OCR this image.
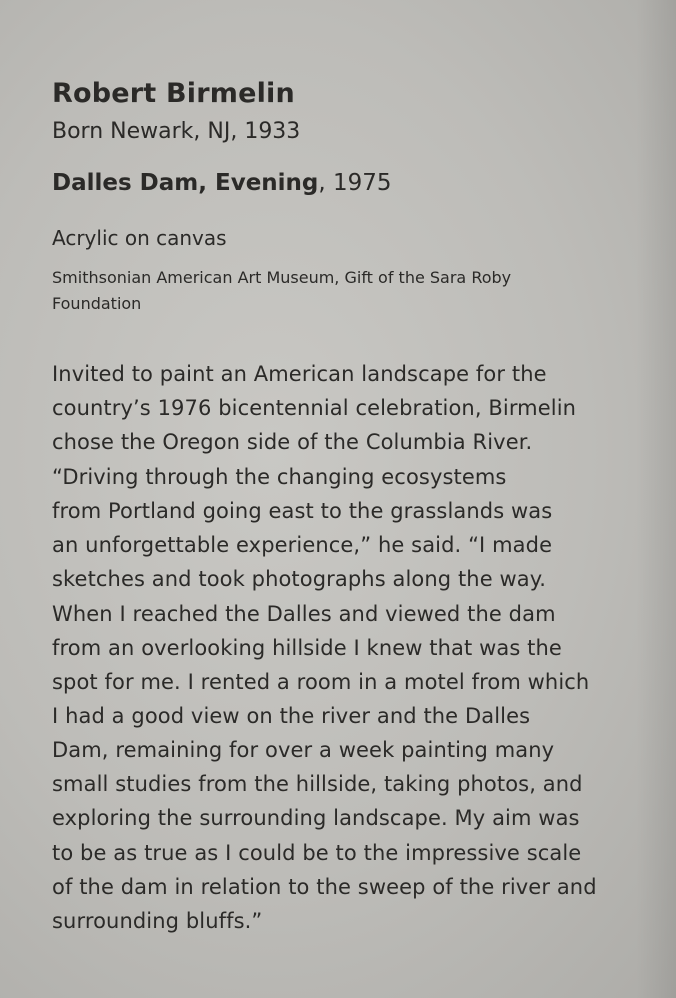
Robert Birmelin
Born Newark, NJ, 1933
Dalles Dam, Evening, 1975
Acrylic on canvas
Smithsonian American Art Museum, Gift of the Sara Roby
Foundation
Invited to paint an American landscape for the
country’s 1976 bicentennial celebration, Birmelin
chose the Oregon side of the Columbia River.
“Driving through the changing ecosystems
from Portland going east to the grasslands was
an unforgettable experience,” he said. “I made
sketches and took photographs along the way.
When I reached the Dalles and viewed the dam
from an overlooking hillside I knew that was the
spot for me. I rented a room in a motel from which
I had a good view on the river and the Dalles
Dam, remaining for over a week painting many
small studies from the hillside, taking photos, and
exploring the surrounding landscape. My aim was
to be as true as I could be to the impressive scale
of the dam in relation to the sweep of the river and
surrounding bluffs.”
